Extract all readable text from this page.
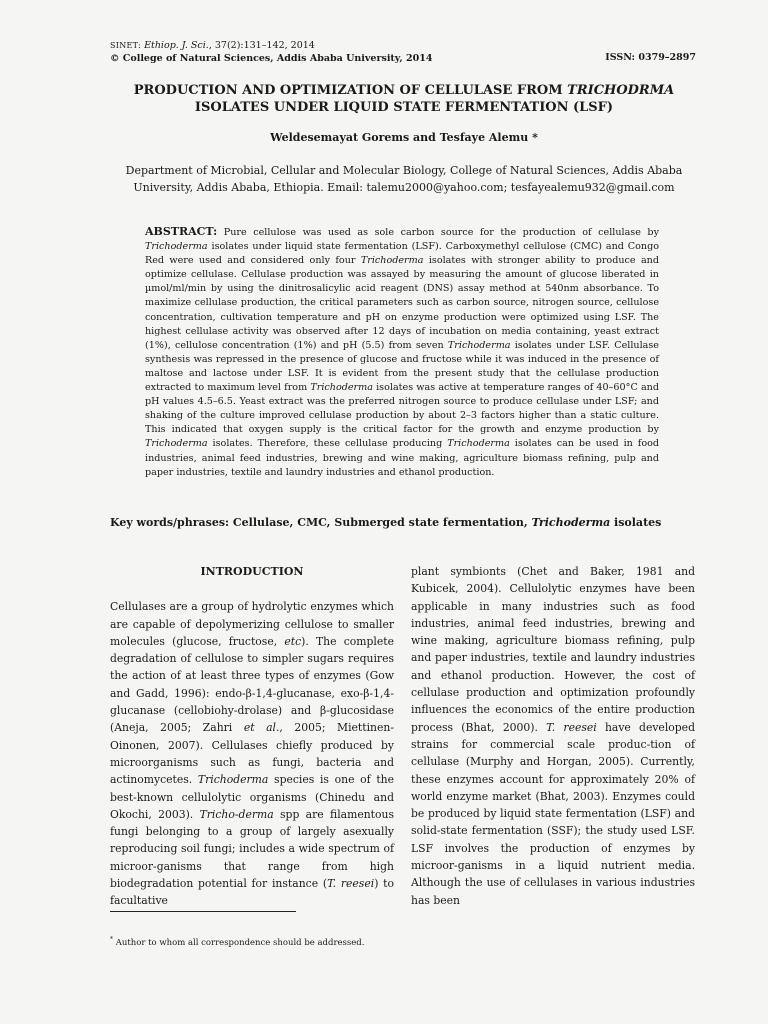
SINET: Ethiop. J. Sci., 37(2):131–142, 2014
© College of Natural Sciences, Addis Ababa University, 2014	ISSN: 0379–2897
PRODUCTION AND OPTIMIZATION OF CELLULASE FROM TRICHODRMA
ISOLATES UNDER LIQUID STATE FERMENTATION (LSF)
Weldesemayat Gorems and Tesfaye Alemu *
Department of Microbial, Cellular and Molecular Biology, College of Natural Sciences, Addis Ababa
University, Addis Ababa, Ethiopia. Email: talemu2000@yahoo.com; tesfayealemu932@gmail.com
ABSTRACT: Pure cellulose was used as sole carbon source for the production of cellulase by Trichoderma isolates under liquid state fermentation (LSF). Carboxymethyl cellulose (CMC) and Congo Red were used and considered only four Trichoderma isolates with stronger ability to produce and optimize cellulase. Cellulase production was assayed by measuring the amount of glucose liberated in µmol/ml/min by using the dinitrosalicylic acid reagent (DNS) assay method at 540nm absorbance. To maximize cellulase production, the critical parameters such as carbon source, nitrogen source, cellulose concentration, cultivation temperature and pH on enzyme production were optimized using LSF. The highest cellulase activity was observed after 12 days of incubation on media containing, yeast extract (1%), cellulose concentration (1%) and pH (5.5) from seven Trichoderma isolates under LSF. Cellulase synthesis was repressed in the presence of glucose and fructose while it was induced in the presence of maltose and lactose under LSF. It is evident from the present study that the cellulase production extracted to maximum level from Trichoderma isolates was active at temperature ranges of 40–60°C and pH values 4.5–6.5. Yeast extract was the preferred nitrogen source to produce cellulase under LSF; and shaking of the culture improved cellulase production by about 2–3 factors higher than a static culture. This indicated that oxygen supply is the critical factor for the growth and enzyme production by Trichoderma isolates. Therefore, these cellulase producing Trichoderma isolates can be used in food industries, animal feed industries, brewing and wine making, agriculture biomass refining, pulp and paper industries, textile and laundry industries and ethanol production.
Key words/phrases: Cellulase, CMC, Submerged state fermentation, Trichoderma isolates
INTRODUCTION

Cellulases are a group of hydrolytic enzymes which are capable of depolymerizing cellulose to smaller molecules (glucose, fructose, etc). The complete degradation of cellulose to simpler sugars requires the action of at least three types of enzymes (Gow and Gadd, 1996): endo-β-1,4-glucanase, exo-β-1,4-glucanase (cellobiohy-drolase) and β-glucosidase (Aneja, 2005; Zahri et al., 2005; Miettinen-Oinonen, 2007). Cellulases chiefly produced by microorganisms such as fungi, bacteria and actinomycetes. Trichoderma species is one of the best-known cellulolytic organisms (Chinedu and Okochi, 2003). Tricho-derma spp are filamentous fungi belonging to a group of largely asexually reproducing soil fungi; includes a wide spectrum of microor-ganisms that range from high biodegradation potential for instance (T. reesei) to facultative

plant symbionts (Chet and Baker, 1981 and Kubicek, 2004). Cellulolytic enzymes have been applicable in many industries such as food industries, animal feed industries, brewing and wine making, agriculture biomass refining, pulp and paper industries, textile and laundry industries and ethanol production. However, the cost of cellulase production and optimization profoundly influences the economics of the entire production process (Bhat, 2000). T. reesei have developed strains for commercial scale produc-tion of cellulase (Murphy and Horgan, 2005). Currently, these enzymes account for approximately 20% of world enzyme market (Bhat, 2003). Enzymes could be produced by liquid state fermentation (LSF) and solid-state fermentation (SSF); the study used LSF. LSF involves the production of enzymes by microor-ganisms in a liquid nutrient media. Although the use of cellulases in various industries has been

* Author to whom all correspondence should be addressed.
